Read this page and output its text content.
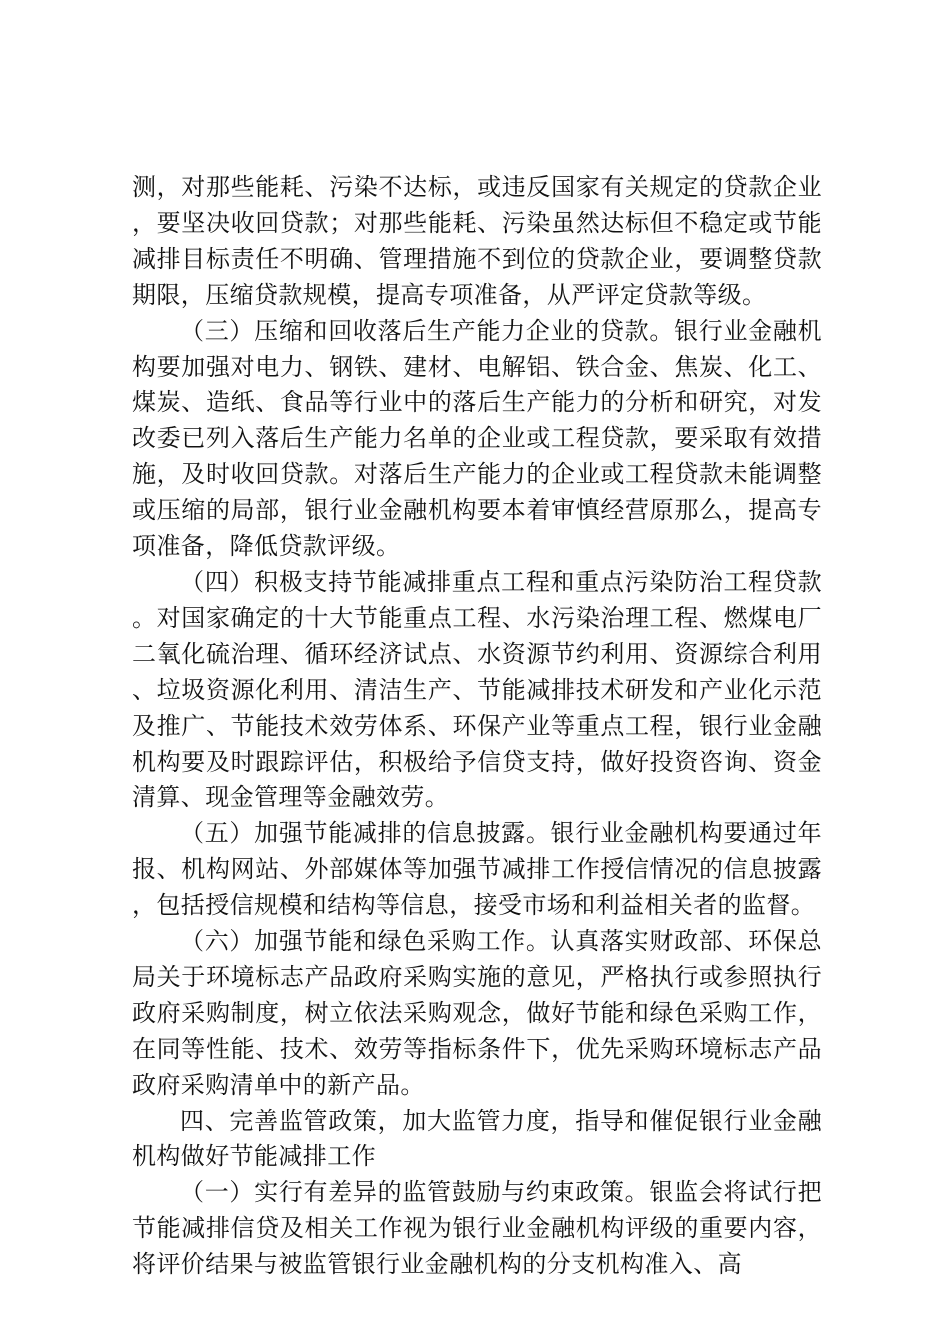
测，对那些能耗、污染不达标，或违反国家有关规定的贷款企业，要坚决收回贷款；对那些能耗、污染虽然达标但不稳定或节能减排目标责任不明确、管理措施不到位的贷款企业，要调整贷款期限，压缩贷款规模，提高专项准备，从严评定贷款等级。

（三）压缩和回收落后生产能力企业的贷款。银行业金融机构要加强对电力、钢铁、建材、电解铝、铁合金、焦炭、化工、煤炭、造纸、食品等行业中的落后生产能力的分析和研究，对发改委已列入落后生产能力名单的企业或工程贷款，要采取有效措施，及时收回贷款。对落后生产能力的企业或工程贷款未能调整或压缩的局部，银行业金融机构要本着审慎经营原那么，提高专项准备，降低贷款评级。

（四）积极支持节能减排重点工程和重点污染防治工程贷款。对国家确定的十大节能重点工程、水污染治理工程、燃煤电厂二氧化硫治理、循环经济试点、水资源节约利用、资源综合利用、垃圾资源化利用、清洁生产、节能减排技术研发和产业化示范及推广、节能技术效劳体系、环保产业等重点工程，银行业金融机构要及时跟踪评估，积极给予信贷支持，做好投资咨询、资金清算、现金管理等金融效劳。

（五）加强节能减排的信息披露。银行业金融机构要通过年报、机构网站、外部媒体等加强节减排工作授信情况的信息披露，包括授信规模和结构等信息，接受市场和利益相关者的监督。

（六）加强节能和绿色采购工作。认真落实财政部、环保总局关于环境标志产品政府采购实施的意见，严格执行或参照执行政府采购制度，树立依法采购观念，做好节能和绿色采购工作，在同等性能、技术、效劳等指标条件下，优先采购环境标志产品政府采购清单中的新产品。

四、完善监管政策，加大监管力度，指导和催促银行业金融机构做好节能减排工作

（一）实行有差异的监管鼓励与约束政策。银监会将试行把节能减排信贷及相关工作视为银行业金融机构评级的重要内容，将评价结果与被监管银行业金融机构的分支机构准入、高
